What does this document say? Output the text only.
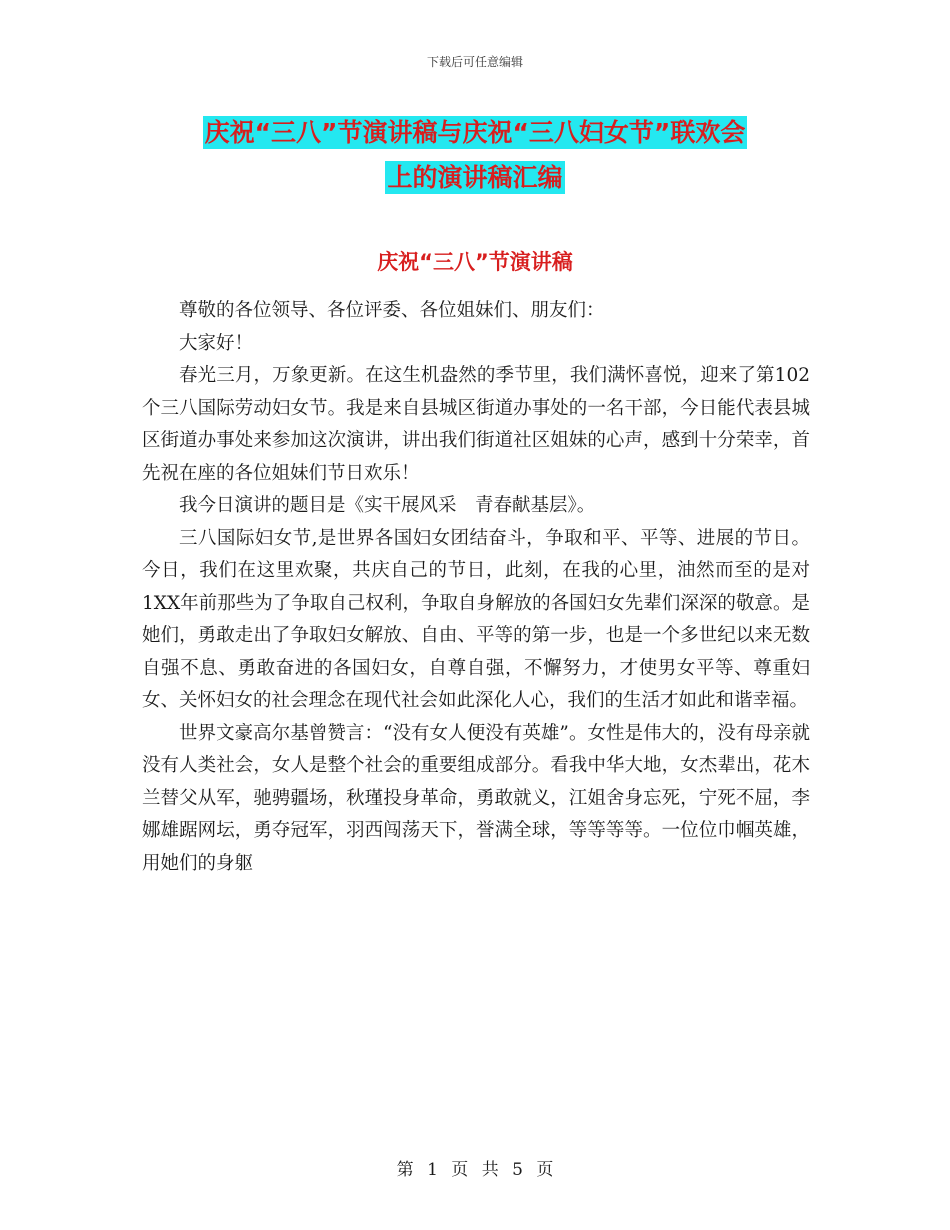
下载后可任意编辑
庆祝“三八”节演讲稿与庆祝“三八妇女节”联欢会
上的演讲稿汇编
庆祝“三八”节演讲稿

尊敬的各位领导、各位评委、各位姐妹们、朋友们：

大家好！

春光三月，万象更新。在这生机盎然的季节里，我们满怀喜悦，迎来了第102个三八国际劳动妇女节。我是来自县城区街道办事处的一名干部，今日能代表县城区街道办事处来参加这次演讲，讲出我们街道社区姐妹的心声，感到十分荣幸，首先祝在座的各位姐妹们节日欢乐！

我今日演讲的题目是《实干展风采　青春献基层》。

三八国际妇女节,是世界各国妇女团结奋斗，争取和平、平等、进展的节日。今日，我们在这里欢聚，共庆自己的节日，此刻，在我的心里，油然而至的是对1XX年前那些为了争取自己权利，争取自身解放的各国妇女先辈们深深的敬意。是她们，勇敢走出了争取妇女解放、自由、平等的第一步，也是一个多世纪以来无数自强不息、勇敢奋进的各国妇女，自尊自强，不懈努力，才使男女平等、尊重妇女、关怀妇女的社会理念在现代社会如此深化人心，我们的生活才如此和谐幸福。

世界文豪高尔基曾赞言：“没有女人便没有英雄”。女性是伟大的，没有母亲就没有人类社会，女人是整个社会的重要组成部分。看我中华大地，女杰辈出，花木兰替父从军，驰骋疆场，秋瑾投身革命，勇敢就义，江姐舍身忘死，宁死不屈，李娜雄踞网坛，勇夺冠军，羽西闯荡天下，誉满全球，等等等等。一位位巾帼英雄，用她们的身躯

第 1 页 共 5 页
